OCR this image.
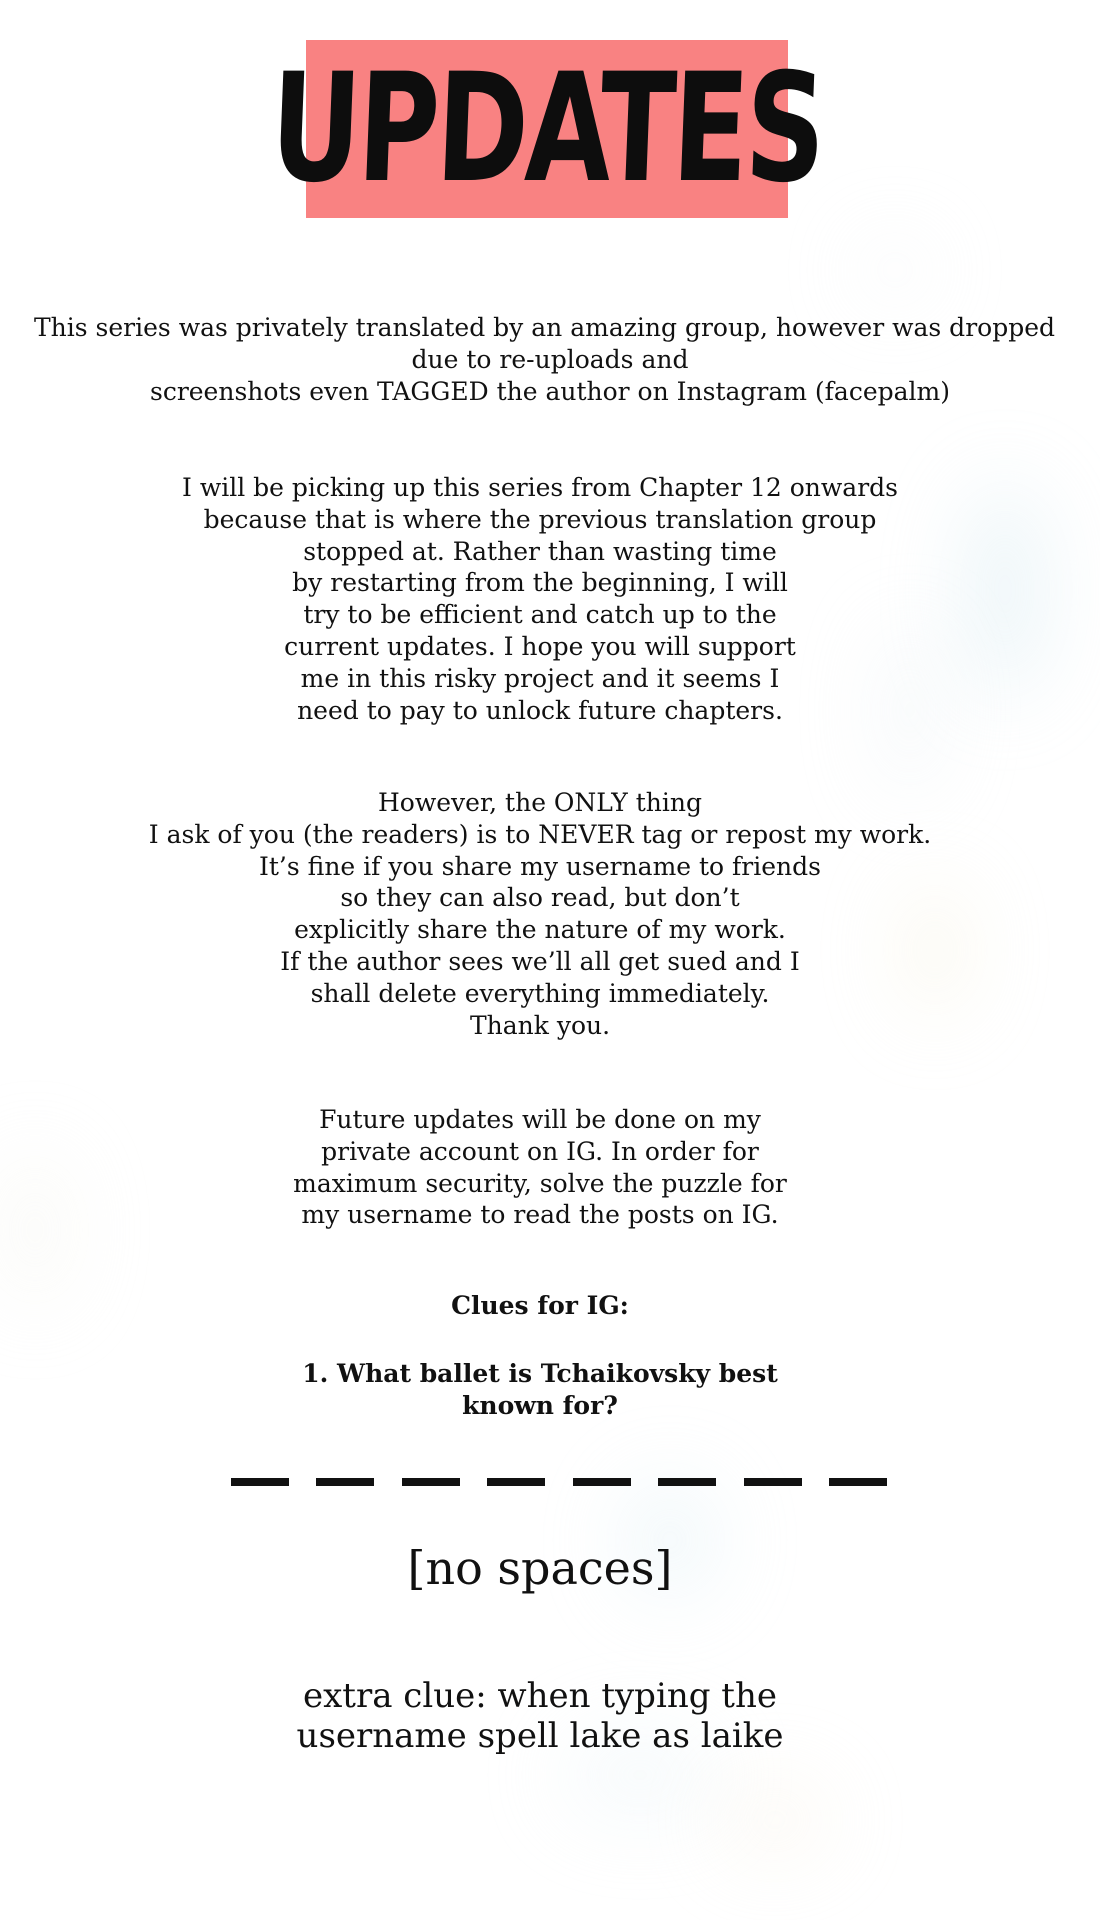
UPDATES
This series was privately translated by an amazing group, however was dropped
due to re-uploads and
screenshots even TAGGED the author on Instagram (facepalm)
I will be picking up this series from Chapter 12 onwards
because that is where the previous translation group
stopped at. Rather than wasting time
by restarting from the beginning, I will
try to be efficient and catch up to the
current updates. I hope you will support
me in this risky project and it seems I
need to pay to unlock future chapters.
However, the ONLY thing
I ask of you (the readers) is to NEVER tag or repost my work.
It’s fine if you share my username to friends
so they can also read, but don’t
explicitly share the nature of my work.
If the author sees we’ll all get sued and I
shall delete everything immediately.
Thank you.
Future updates will be done on my
private account on IG. In order for
maximum security, solve the puzzle for
my username to read the posts on IG.

Clues for IG:

1. What ballet is Tchaikovsky best
known for?

[no spaces]

extra clue: when typing the
username spell lake as laike
